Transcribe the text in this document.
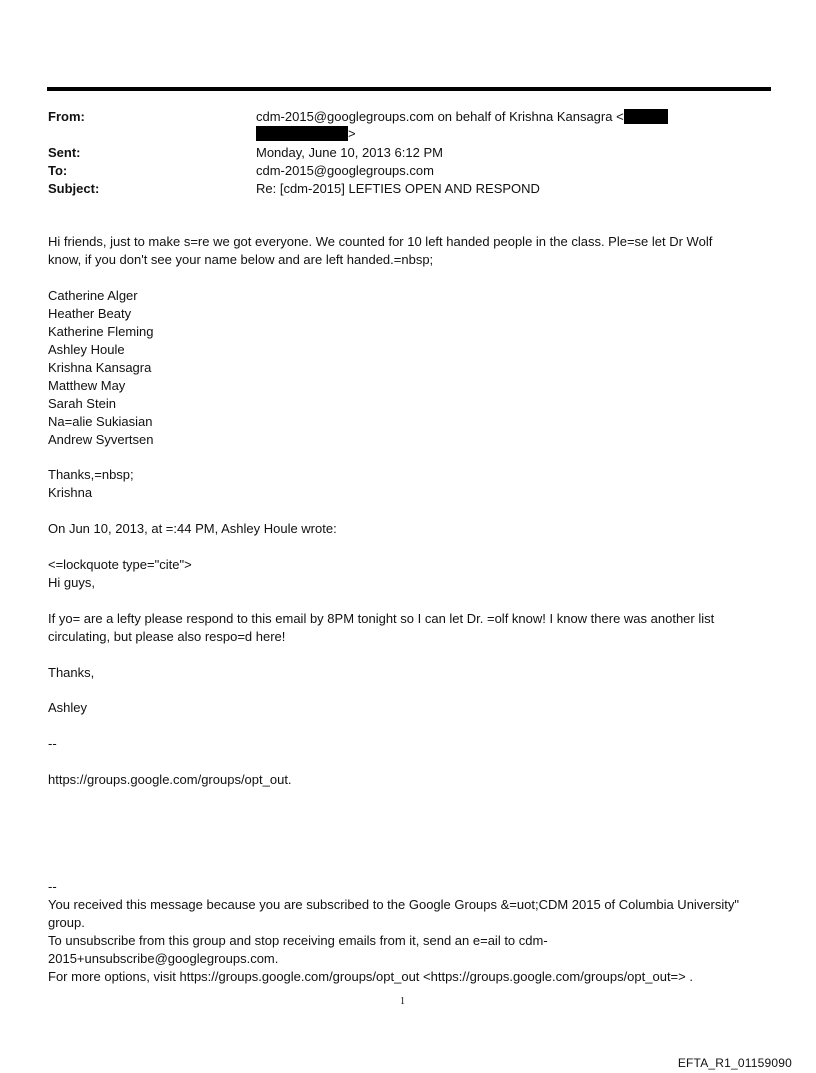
From:	cdm-2015@googlegroups.com on behalf of Krishna Kansagra <
>
Sent:	Monday, June 10, 2013 6:12 PM
To:	cdm-2015@googlegroups.com
Subject:	Re: [cdm-2015] LEFTIES OPEN AND RESPOND

Hi friends, just to make s=re we got everyone. We counted for 10 left handed people in the class. Ple=se let Dr Wolf

know, if you don't see your name below and are left handed.=nbsp;

Catherine Alger

Heather Beaty

Katherine Fleming

Ashley Houle

Krishna Kansagra

Matthew May

Sarah Stein

Na=alie Sukiasian

Andrew Syvertsen

Thanks,=nbsp;

Krishna

On Jun 10, 2013, at =:44 PM, Ashley Houle wrote:

<=lockquote type="cite">

Hi guys,

If yo= are a lefty please respond to this email by 8PM tonight so I can let Dr. =olf know! I know there was another list

circulating, but please also respo=d here!

Thanks,
Ashley
--
https://groups.google.com/groups/opt_out.

--

You received this message because you are subscribed to the Google Groups &=uot;CDM 2015 of Columbia University"

group.

To unsubscribe from this group and stop receiving emails from it, send an e=ail to cdm-

2015+unsubscribe@googlegroups.com.

For more options, visit https://groups.google.com/groups/opt_out <https://groups.google.com/groups/opt_out=> .

1
EFTA_R1_01159090
